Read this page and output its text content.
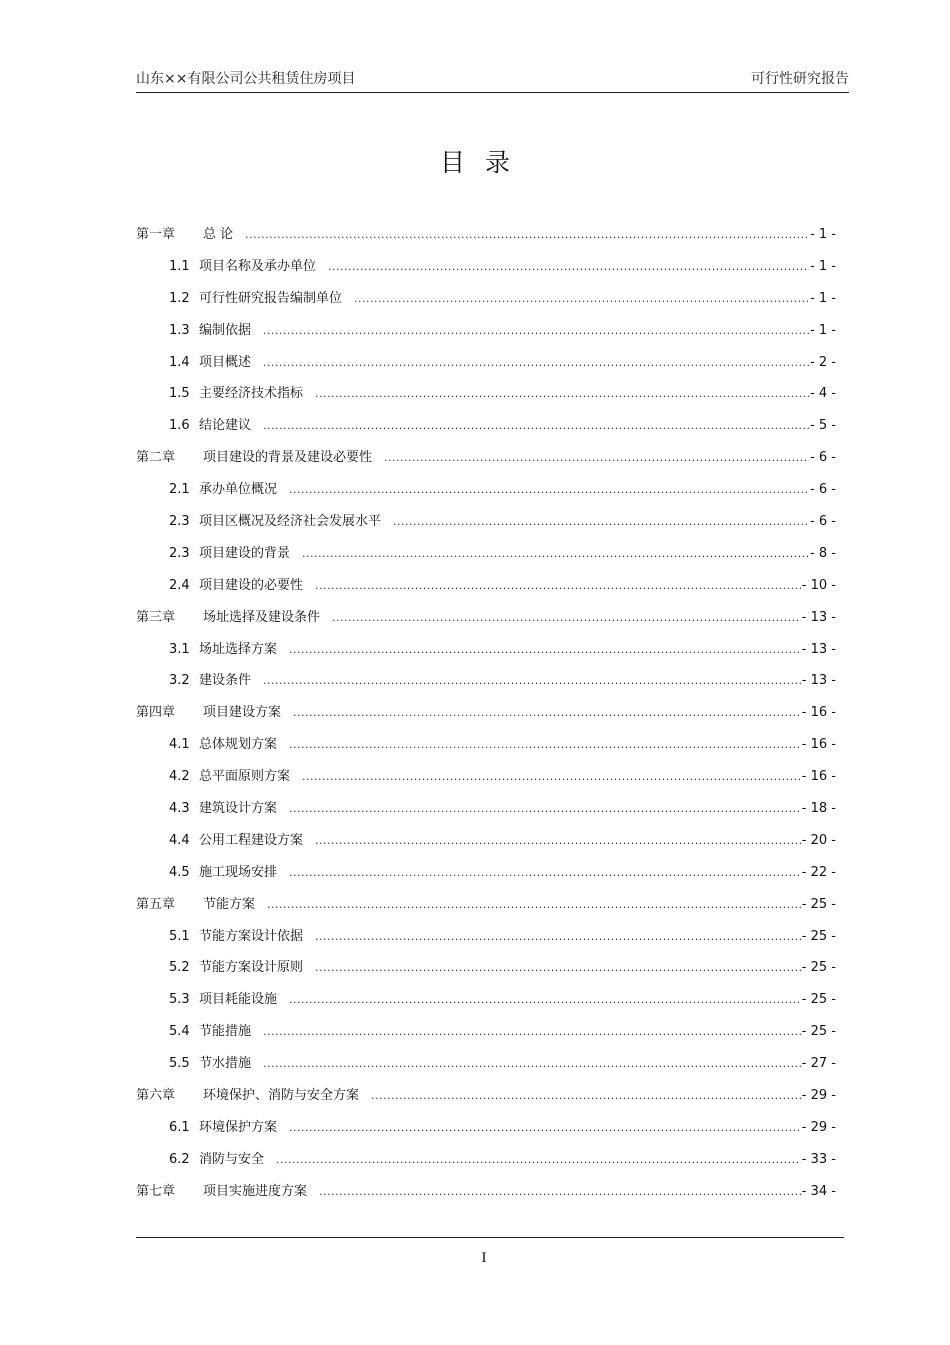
山东××有限公司公共租赁住房项目	可行性研究报告
目录
第一章	总 论 .....	- 1 -
1.1 项目名称及承办单位 .....	- 1 -
1.2 可行性研究报告编制单位 .....	- 1 -
1.3 编制依据 .....	- 1 -
1.4 项目概述 .....	- 2 -
1.5 主要经济技术指标 .....	- 4 -
1.6 结论建议 .....	- 5 -
第二章	项目建设的背景及建设必要性 .....	- 6 -
2.1 承办单位概况 .....	- 6 -
2.3 项目区概况及经济社会发展水平 .....	- 6 -
2.3 项目建设的背景 .....	- 8 -
2.4 项目建设的必要性 .....	- 10 -
第三章	场址选择及建设条件 .....	- 13 -
3.1 场址选择方案 .....	- 13 -
3.2 建设条件 .....	- 13 -
第四章	项目建设方案 .....	- 16 -
4.1 总体规划方案 .....	- 16 -
4.2 总平面原则方案 .....	- 16 -
4.3 建筑设计方案 .....	- 18 -
4.4 公用工程建设方案 .....	- 20 -
4.5 施工现场安排 .....	- 22 -
第五章	节能方案 .....	- 25 -
5.1 节能方案设计依据 .....	- 25 -
5.2 节能方案设计原则 .....	- 25 -
5.3 项目耗能设施 .....	- 25 -
5.4 节能措施 .....	- 25 -
5.5 节水措施 .....	- 27 -
第六章	环境保护、消防与安全方案 .....	- 29 -
6.1 环境保护方案 .....	- 29 -
6.2 消防与安全 .....	- 33 -
第七章	项目实施进度方案 .....	- 34 -
I
